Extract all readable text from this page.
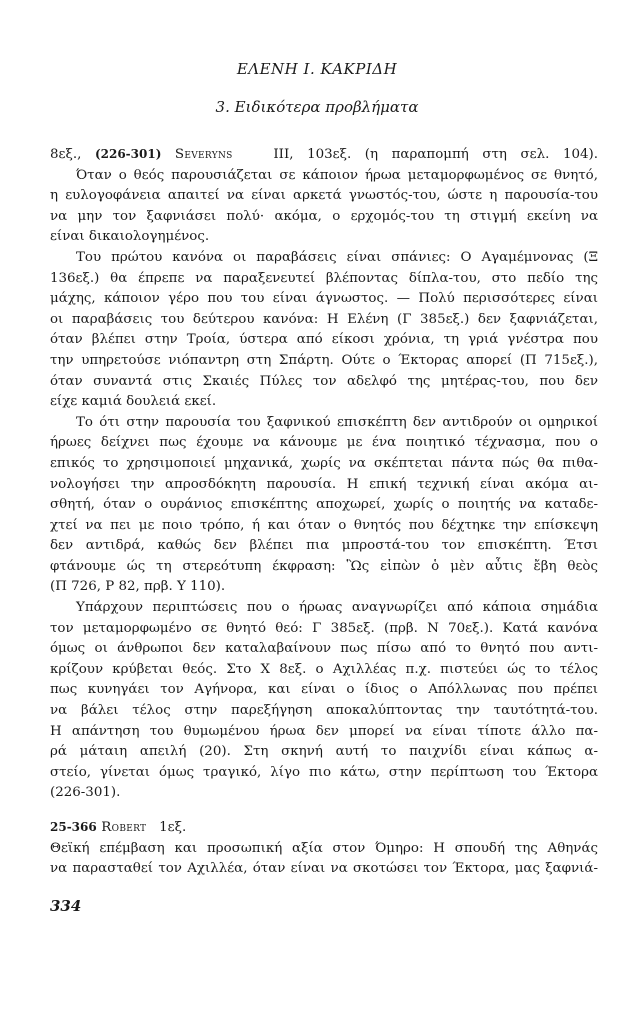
ΕΛΕΝΗ Ι. ΚΑΚΡΙΔΗ
3. Ειδικότερα προβλήματα
8εξ., (226-301) Severyns   ΙΙΙ, 103εξ. (η παραπομπή στη σελ. 104).
Όταν ο θεός παρουσιάζεται σε κάποιον ήρωα μεταμορφωμένος σε θνητό,
η ευλογοφάνεια απαιτεί να είναι αρκετά γνωστός-του, ώστε η παρουσία-του
να μην τον ξαφνιάσει πολύ· ακόμα, ο ερχομός-του τη στιγμή εκείνη να
είναι δικαιολογημένος.
Του πρώτου κανόνα οι παραβάσεις είναι σπάνιες: Ο Αγαμέμνονας (Ξ
136εξ.) θα έπρεπε να παραξενευτεί βλέποντας δίπλα-του, στο πεδίο της
μάχης, κάποιον γέρο που του είναι άγνωστος. — Πολύ περισσότερες είναι
οι παραβάσεις του δεύτερου κανόνα: Η Ελένη (Γ 385εξ.) δεν ξαφνιάζεται,
όταν βλέπει στην Τροία, ύστερα από είκοσι χρόνια, τη γριά γνέστρα που
την υπηρετούσε νιόπαντρη στη Σπάρτη. Ούτε ο Έκτορας απορεί (Π 715εξ.),
όταν συναντά στις Σκαιές Πύλες τον αδελφό της μητέρας-του, που δεν
είχε καμιά δουλειά εκεί.
Το ότι στην παρουσία του ξαφνικού επισκέπτη δεν αντιδρούν οι ομηρικοί
ήρωες δείχνει πως έχουμε να κάνουμε με ένα ποιητικό τέχνασμα, που ο
επικός το χρησιμοποιεί μηχανικά, χωρίς να σκέπτεται πάντα πώς θα πιθα-
νολογήσει την απροσδόκητη παρουσία. Η επική τεχνική είναι ακόμα αι-
σθητή, όταν ο ουράνιος επισκέπτης αποχωρεί, χωρίς ο ποιητής να καταδε-
χτεί να πει με ποιο τρόπο, ή και όταν ο θνητός που δέχτηκε την επίσκεψη
δεν αντιδρά, καθώς δεν βλέπει πια μπροστά-του τον επισκέπτη. Έτσι
φτάνουμε ώς τη στερεότυπη έκφραση: Ὣς εἰπὼν ὁ μὲν αὖτις ἔβη θεὸς
(Π 726, Ρ 82, πρβ. Υ 110).
Υπάρχουν περιπτώσεις που ο ήρωας αναγνωρίζει από κάποια σημάδια
τον μεταμορφωμένο σε θνητό θεό: Γ 385εξ. (πρβ. Ν 70εξ.). Κατά κανόνα
όμως οι άνθρωποι δεν καταλαβαίνουν πως πίσω από το θνητό που αντι-
κρίζουν κρύβεται θεός. Στο Χ 8εξ. ο Αχιλλέας π.χ. πιστεύει ώς το τέλος
πως κυνηγάει τον Αγήνορα, και είναι ο ίδιος ο Απόλλωνας που πρέπει
να βάλει τέλος στην παρεξήγηση αποκαλύπτοντας την ταυτότητά-του.
Η απάντηση του θυμωμένου ήρωα δεν μπορεί να είναι τίποτε άλλο πα-
ρά μάταιη απειλή (20). Στη σκηνή αυτή το παιχνίδι είναι κάπως α-
στείο, γίνεται όμως τραγικό, λίγο πιο κάτω, στην περίπτωση του Έκτορα
(226-301).
25-366 Robert   1εξ.
Θεϊκή επέμβαση και προσωπική αξία στον Όμηρο: Η σπουδή της Αθηνάς
να παρασταθεί τον Αχιλλέα, όταν είναι να σκοτώσει τον Έκτορα, μας ξαφνιά-
334
